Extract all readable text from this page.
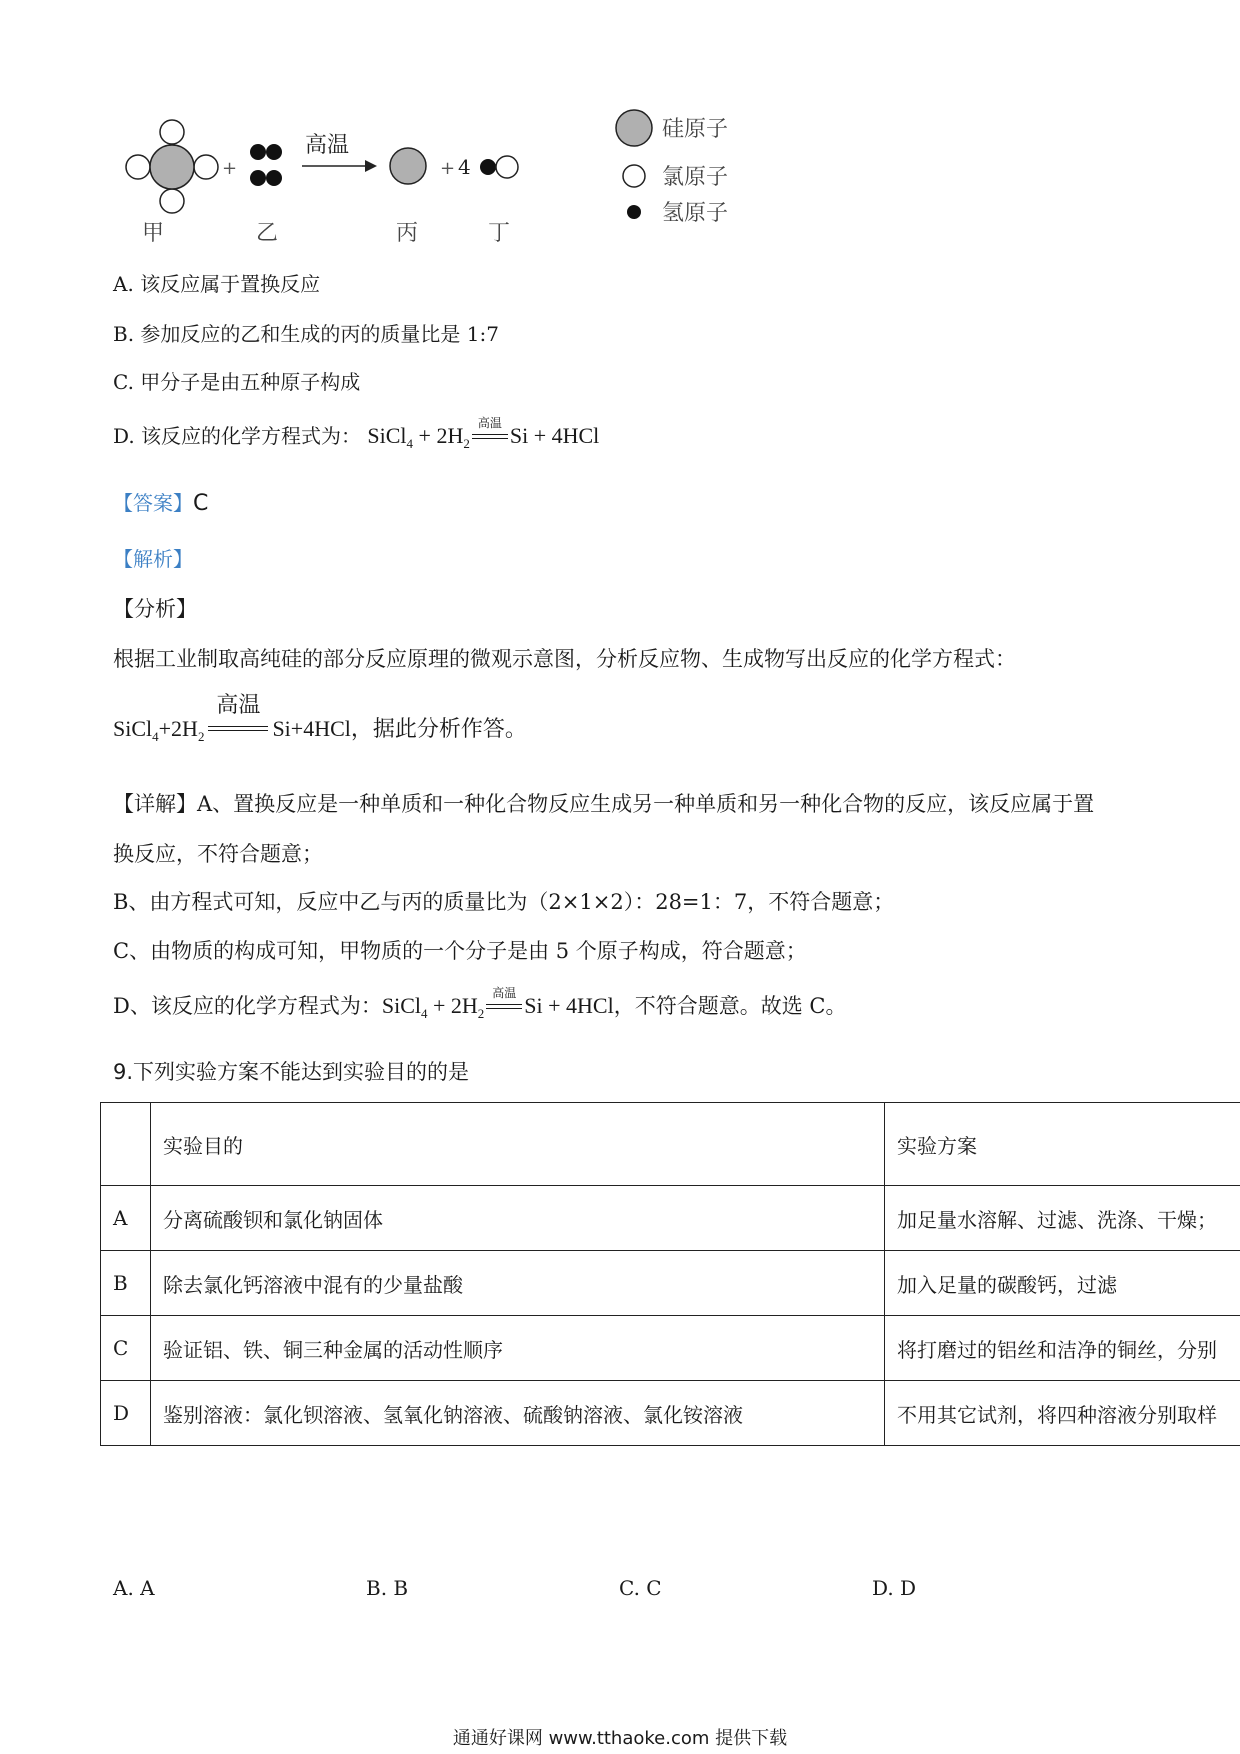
+
高温
+ 4
甲	乙	丙	丁
硅原子
氯原子
氢原子
A. 该反应属于置换反应
B. 参加反应的乙和生成的丙的质量比是 1:7
C. 甲分子是由五种原子构成
D. 该反应的化学方程式为： SiCl$_4$ + $2H_2$
高温
Si + 4HCl
【答案】C
【解析】
【分析】
根据工业制取高纯硅的部分反应原理的微观示意图，分析反应物、生成物写出反应的化学方程式：
$SiCl_4+2H_2$
高温
Si+4HCl，据此分析作答。
【详解】A、置换反应是一种单质和一种化合物反应生成另一种单质和另一种化合物的反应，该反应属于置
换反应，不符合题意；
B、由方程式可知，反应中乙与丙的质量比为（2×1×2）：28=1：7，不符合题意；
C、由物质的构成可知，甲物质的一个分子是由 5 个原子构成，符合题意；
D、该反应的化学方程式为：SiCl$_4$ + $2H_2$
高温
Si + 4HCl，不符合题意。故选 C。
9.下列实验方案不能达到实验目的的是
	实验目的	实验方案
A	分离硫酸钡和氯化钠固体	加足量水溶解、过滤、洗涤、干燥；
B	除去氯化钙溶液中混有的少量盐酸	加入足量的碳酸钙，过滤
C	验证铝、铁、铜三种金属的活动性顺序	将打磨过的铝丝和洁净的铜丝，分别
D	鉴别溶液：氯化钡溶液、氢氧化钠溶液、硫酸钠溶液、氯化铵溶液	不用其它试剂，将四种溶液分别取样
A. A	B. B	C. C	D. D
通通好课网 www.tthaoke.com 提供下载
